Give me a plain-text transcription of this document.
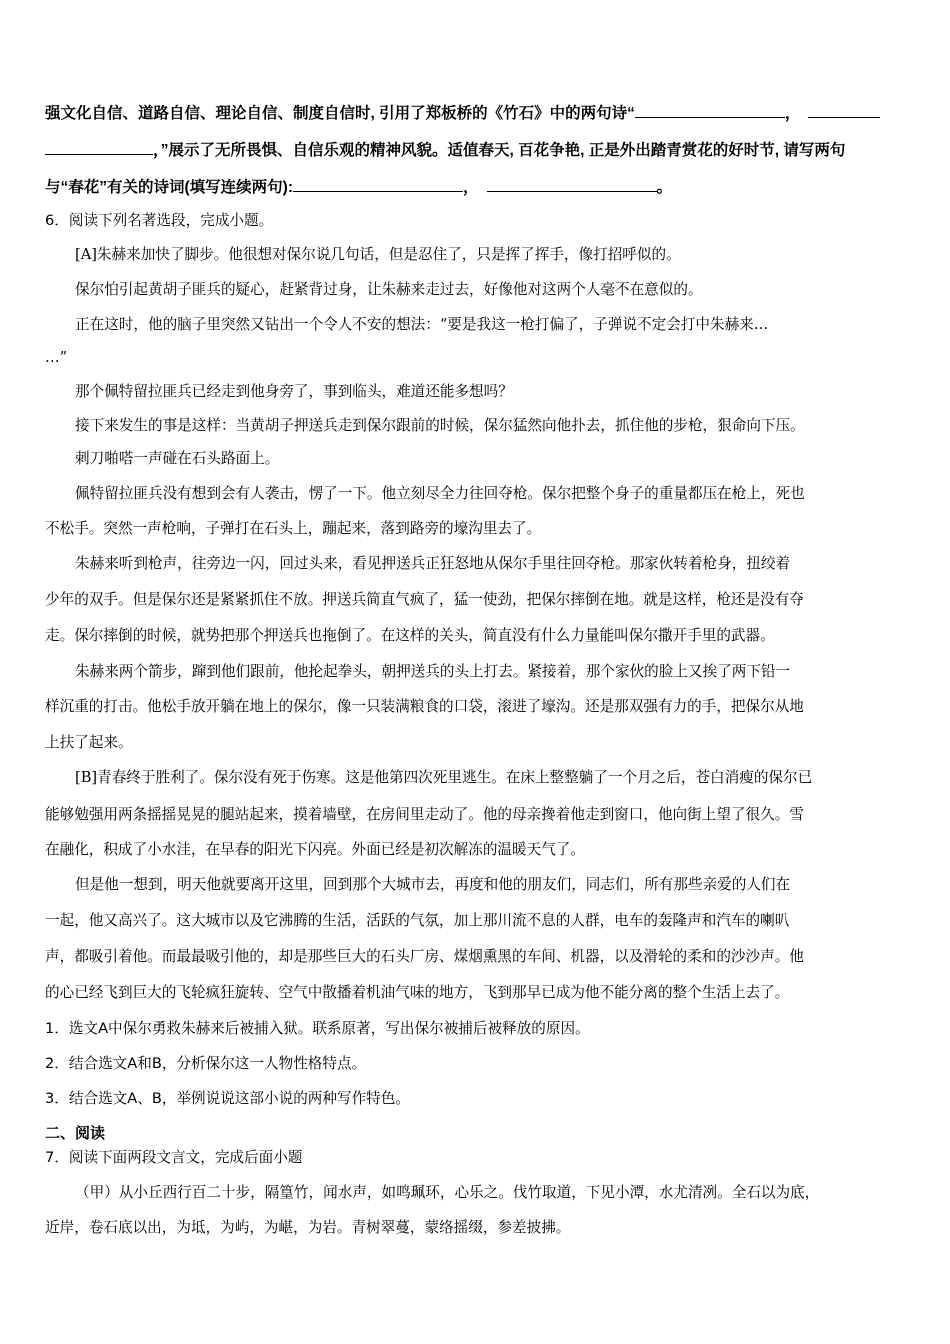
强文化自信、道路自信、理论自信、制度自信时, 引用了郑板桥的《竹石》中的两句诗“	，
，”展示了无所畏惧、自信乐观的精神风貌。适值春天, 百花争艳, 正是外出踏青赏花的好时节, 请写两句
与“春花”有关的诗词(填写连续两句):	，	。
6．阅读下列名著选段，完成小题。
[A]朱赫来加快了脚步。他很想对保尔说几句话，但是忍住了，只是挥了挥手，像打招呼似的。
保尔怕引起黄胡子匪兵的疑心，赶紧背过身，让朱赫来走过去，好像他对这两个人毫不在意似的。
正在这时，他的脑子里突然又钻出一个令人不安的想法：“要是我这一枪打偏了，子弹说不定会打中朱赫来…
…”
那个佩特留拉匪兵已经走到他身旁了，事到临头，难道还能多想吗？
接下来发生的事是这样：当黄胡子押送兵走到保尔跟前的时候，保尔猛然向他扑去，抓住他的步枪，狠命向下压。
刺刀啪嗒一声碰在石头路面上。
佩特留拉匪兵没有想到会有人袭击，愣了一下。他立刻尽全力往回夺枪。保尔把整个身子的重量都压在枪上，死也
不松手。突然一声枪响，子弹打在石头上，蹦起来，落到路旁的壕沟里去了。
朱赫来听到枪声，往旁边一闪，回过头来，看见押送兵正狂怒地从保尔手里往回夺枪。那家伙转着枪身，扭绞着
少年的双手。但是保尔还是紧紧抓住不放。押送兵简直气疯了，猛一使劲，把保尔摔倒在地。就是这样，枪还是没有夺
走。保尔摔倒的时候，就势把那个押送兵也拖倒了。在这样的关头，简直没有什么力量能叫保尔撒开手里的武器。
朱赫来两个箭步，蹿到他们跟前，他抡起拳头，朝押送兵的头上打去。紧接着，那个家伙的脸上又挨了两下铅一
样沉重的打击。他松手放开躺在地上的保尔，像一只装满粮食的口袋，滚进了壕沟。还是那双强有力的手，把保尔从地
上扶了起来。
[B]青春终于胜利了。保尔没有死于伤寒。这是他第四次死里逃生。在床上整整躺了一个月之后，苍白消瘦的保尔已
能够勉强用两条摇摇晃晃的腿站起来，摸着墙壁，在房间里走动了。他的母亲搀着他走到窗口，他向街上望了很久。雪
在融化，积成了小水洼，在早春的阳光下闪亮。外面已经是初次解冻的温暖天气了。
但是他一想到，明天他就要离开这里，回到那个大城市去，再度和他的朋友们，同志们，所有那些亲爱的人们在
一起，他又高兴了。这大城市以及它沸腾的生活，活跃的气氛，加上那川流不息的人群，电车的轰隆声和汽车的喇叭
声，都吸引着他。而最最吸引他的，却是那些巨大的石头厂房、煤烟熏黑的车间、机器，以及滑轮的柔和的沙沙声。他
的心已经飞到巨大的飞轮疯狂旋转、空气中散播着机油气味的地方，飞到那早已成为他不能分离的整个生活上去了。
1．选文A中保尔勇救朱赫来后被捕入狱。联系原著，写出保尔被捕后被释放的原因。
2．结合选文A和B，分析保尔这一人物性格特点。
3．结合选文A、B，举例说说这部小说的两种写作特色。
二、阅读
7．阅读下面两段文言文，完成后面小题
（甲）从小丘西行百二十步，隔篁竹，闻水声，如鸣珮环，心乐之。伐竹取道，下见小潭，水尤清冽。全石以为底，
近岸，卷石底以出，为坻，为屿，为嵁，为岩。青树翠蔓，蒙络摇缀，参差披拂。
